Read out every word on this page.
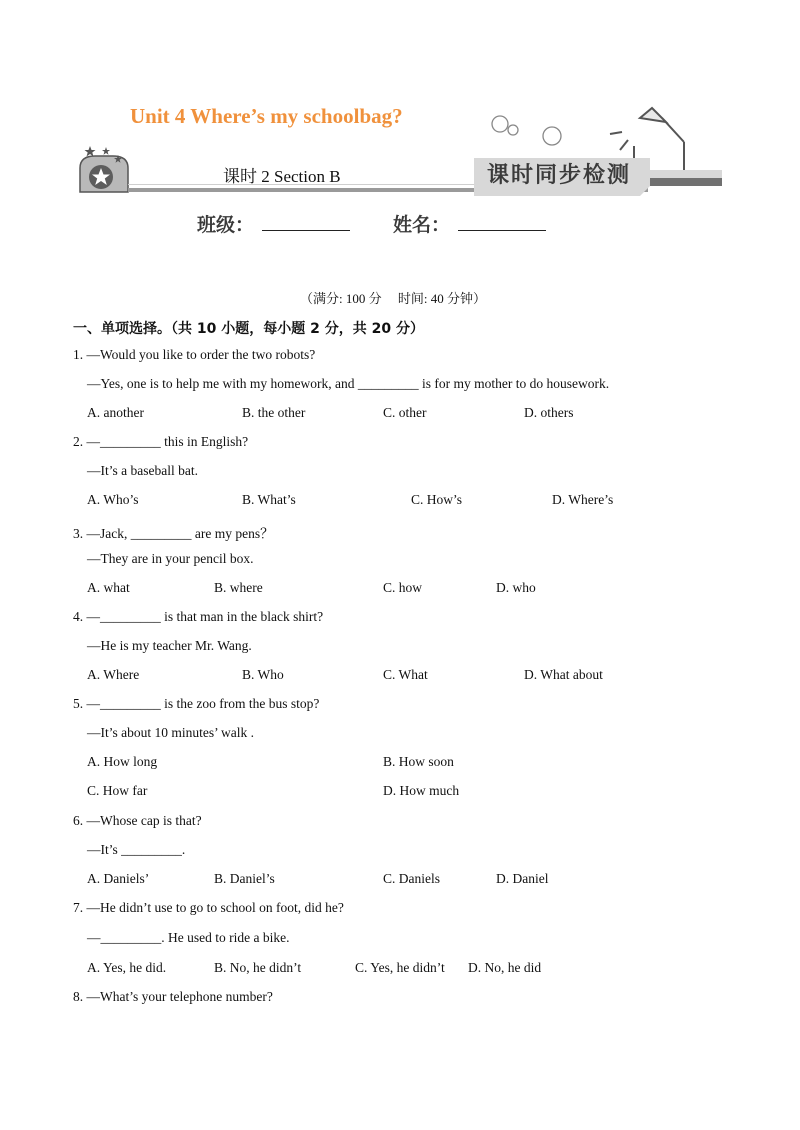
Unit 4 Where’s my schoolbag?
课时 2 Section B	课时同步检测
班级：	姓名：
（满分: 100 分　 时间: 40 分钟）
一、单项选择。（共 10 小题，每小题 2 分，共 20 分）
1. —Would you like to order the two robots?
—Yes, one is to help me with my homework, and _________ is for my mother to do housework.
A. another	B. the other	C. other	D. others
2. —_________ this in English?
—It’s a baseball bat.
A. Who’s	B. What’s	C. How’s	D. Where’s
3. —Jack, _________ are my pens？
—They are in your pencil box.
A. what	B. where	C. how	D. who
4. —_________ is that man in the black shirt?
—He is my teacher Mr. Wang.
A. Where	B. Who	C. What	D. What about
5. —_________ is the zoo from the bus stop?
—It’s about 10 minutes’ walk .
A. How long	B. How soon
C. How far	D. How much
6. —Whose cap is that?
—It’s _________.
A. Daniels’	B. Daniel’s	C. Daniels	D. Daniel
7. —He didn’t use to go to school on foot, did he?
—_________. He used to ride a bike.
A. Yes, he did.	B. No, he didn’t	C. Yes, he didn’t D. No, he did
8. —What’s your telephone number?
